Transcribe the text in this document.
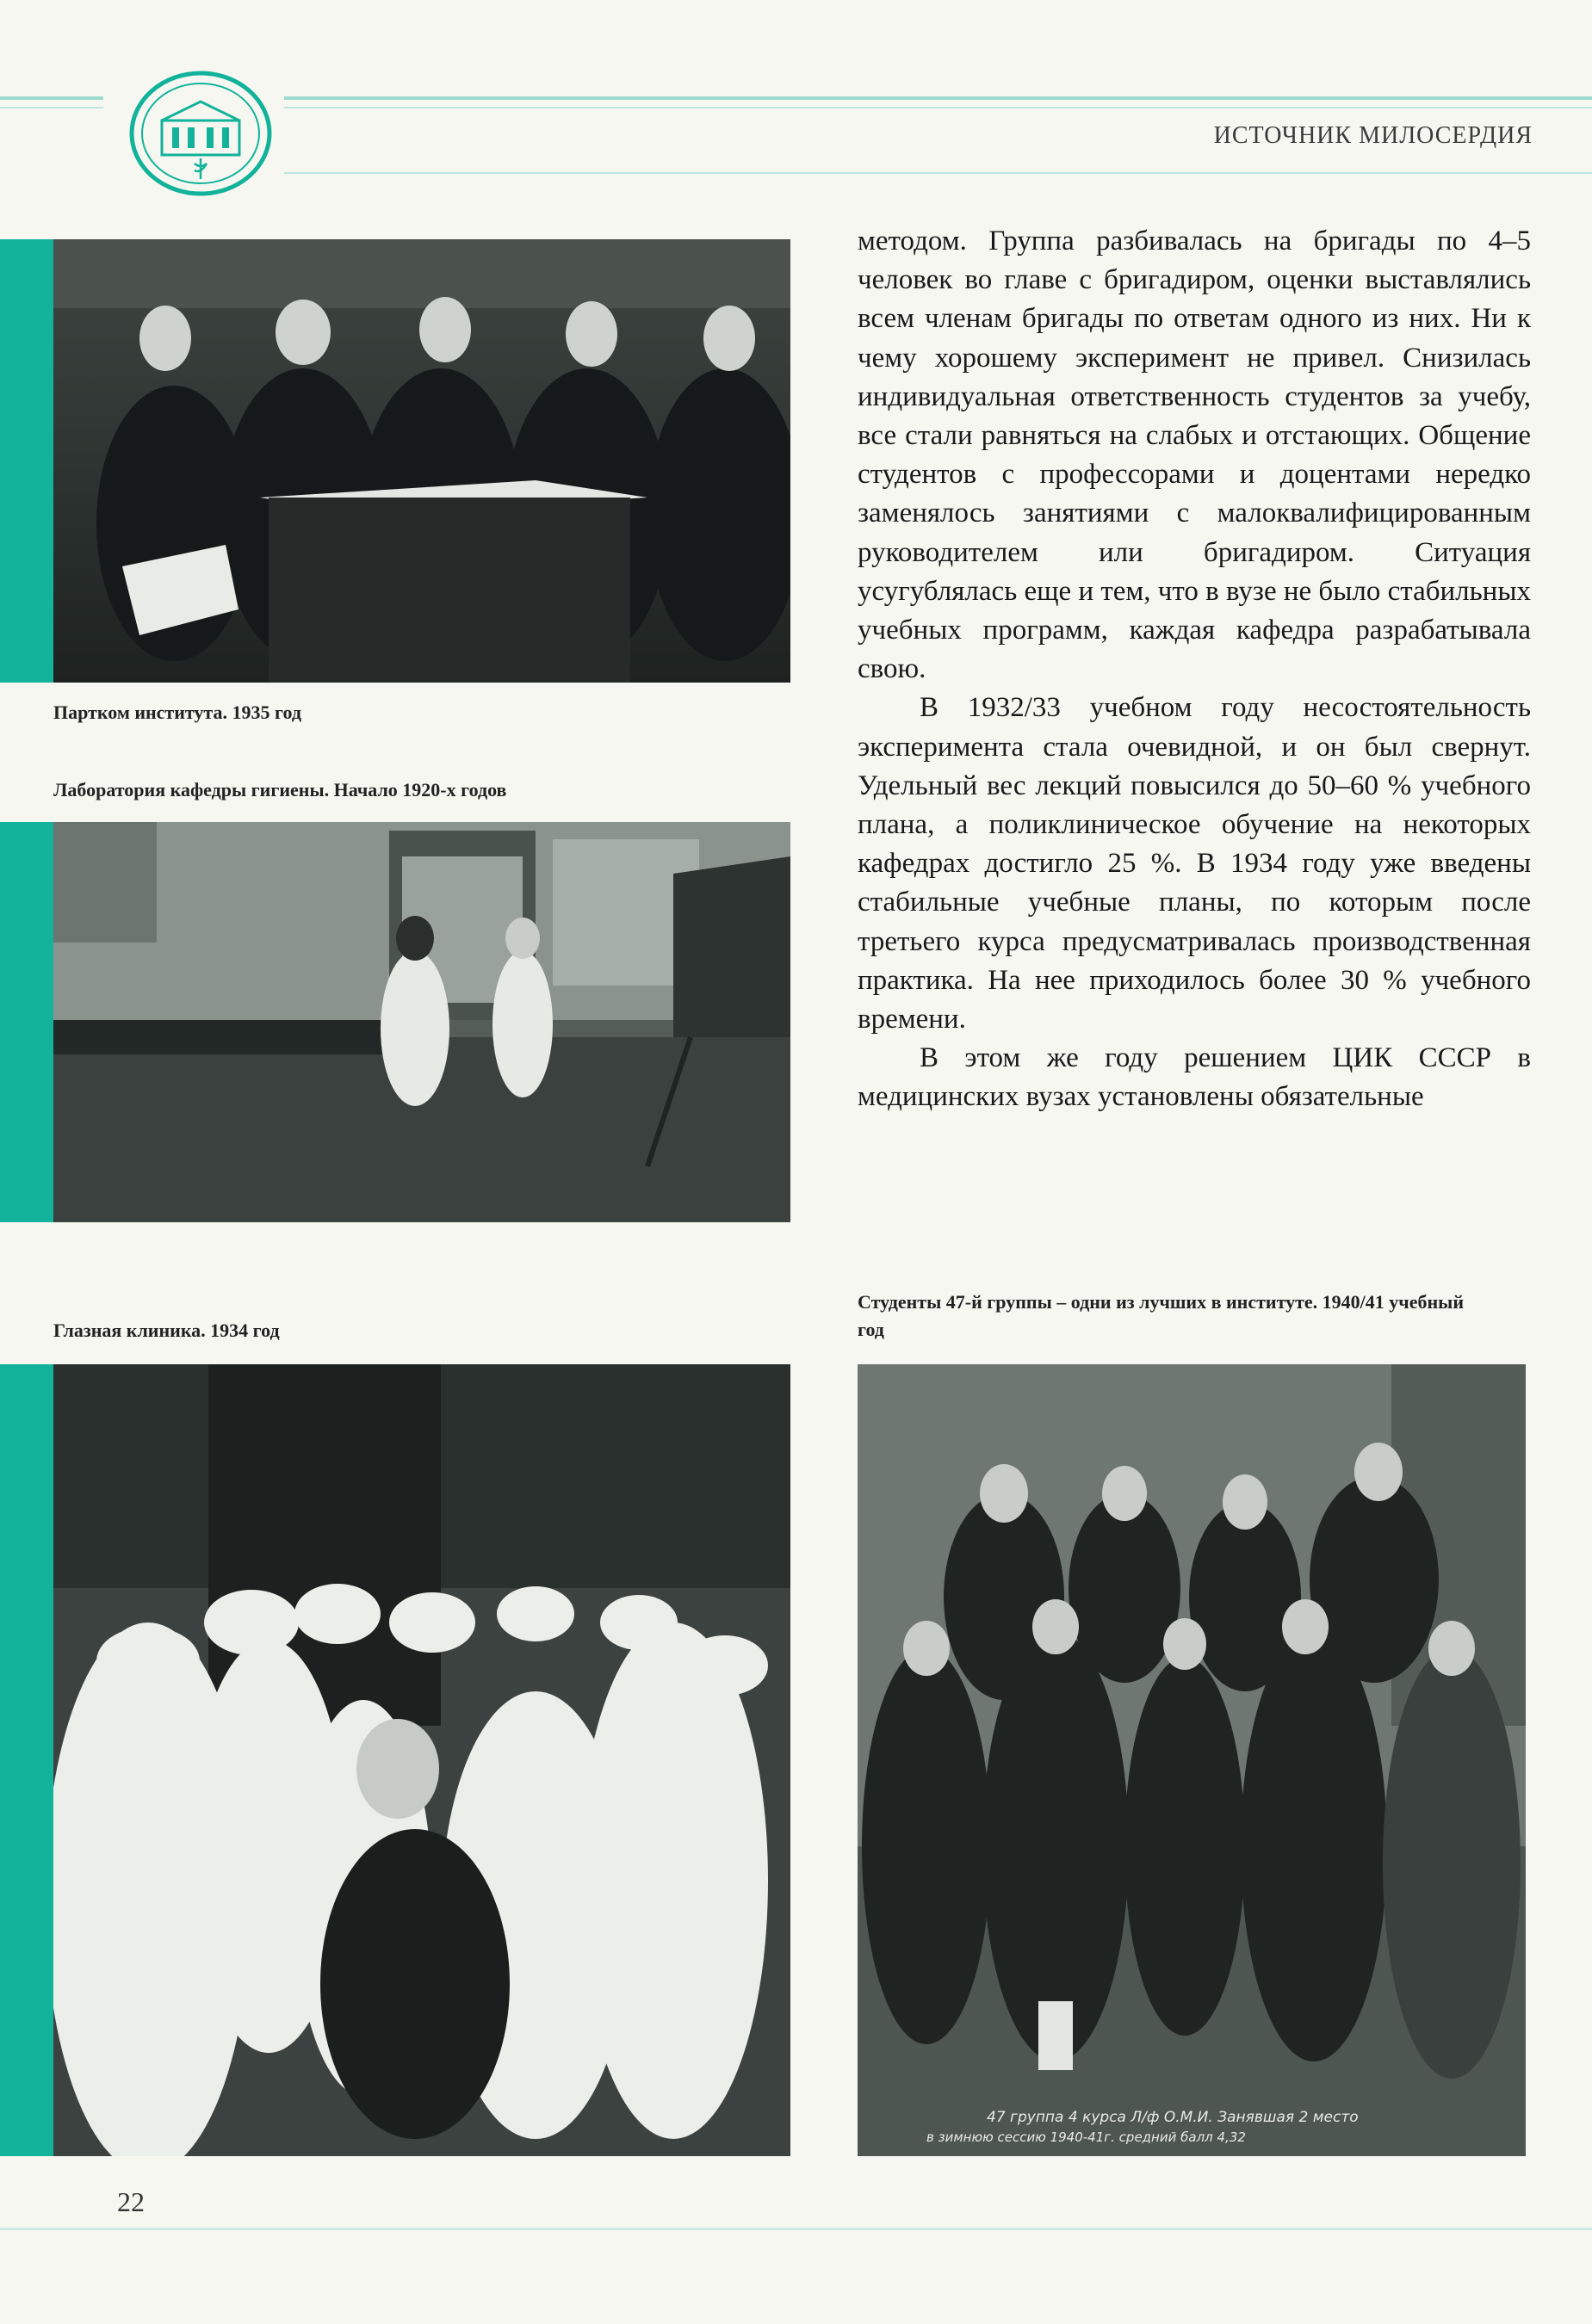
ИСТОЧНИК МИЛОСЕРДИЯ
Партком института. 1935 год
Лаборатория кафедры гигиены. Начало 1920-х годов

методом. Группа разбивалась на бригады по 4–5 человек во главе с бригадиром, оценки выставлялись всем членам бригады по ответам одного из них. Ни к чему хорошему эксперимент не привел. Снизилась индивидуальная ответственность студентов за учебу, все стали равняться на слабых и отстающих. Общение студентов с профессорами и доцентами нередко заменялось занятиями с малоквалифицированным руководителем или бригадиром. Ситуация усугублялась еще и тем, что в вузе не было стабильных учебных программ, каждая кафедра разрабатывала свою.

В 1932/33 учебном году несостоятельность эксперимента стала очевидной, и он был свернут. Удельный вес лекций повысился до 50–60 % учебного плана, а поликлиническое обучение на некоторых кафедрах достигло 25 %. В 1934 году уже введены стабильные учебные планы, по которым после третьего курса предусматривалась производственная практика. На нее приходилось более 30 % учебного времени.

В этом же году решением ЦИК СССР в медицинских вузах установлены обязательные

Глазная клиника. 1934 год
Студенты 47-й группы – одни из лучших в институте. 1940/41 учебный год
47 группа 4 курса Л/ф О.М.И. Занявшая 2 место
в зимнюю сессию 1940-41г. средний балл 4,32
22
